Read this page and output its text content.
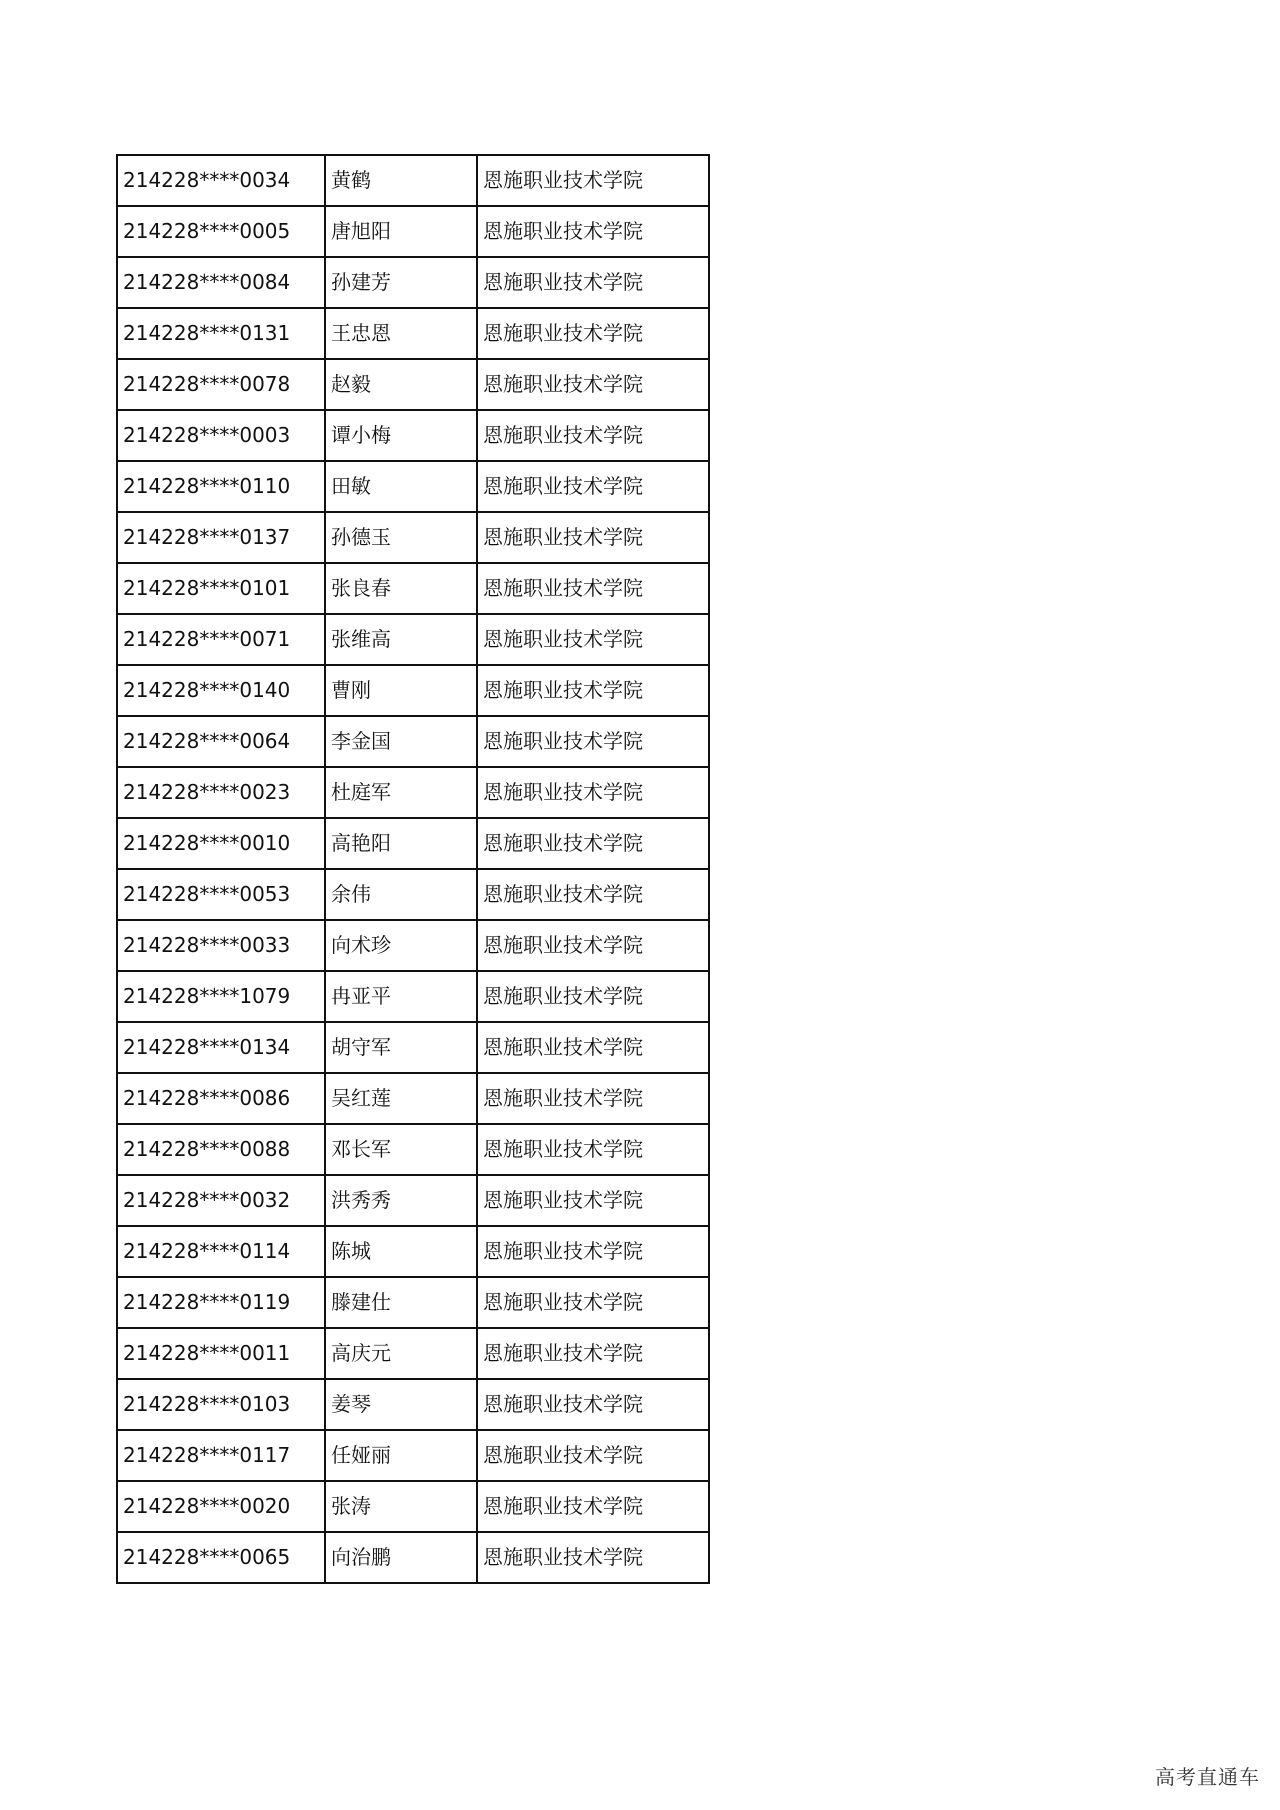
214228****0034	黄鹤	恩施职业技术学院
214228****0005	唐旭阳	恩施职业技术学院
214228****0084	孙建芳	恩施职业技术学院
214228****0131	王忠恩	恩施职业技术学院
214228****0078	赵毅	恩施职业技术学院
214228****0003	谭小梅	恩施职业技术学院
214228****0110	田敏	恩施职业技术学院
214228****0137	孙德玉	恩施职业技术学院
214228****0101	张良春	恩施职业技术学院
214228****0071	张维高	恩施职业技术学院
214228****0140	曹刚	恩施职业技术学院
214228****0064	李金国	恩施职业技术学院
214228****0023	杜庭军	恩施职业技术学院
214228****0010	高艳阳	恩施职业技术学院
214228****0053	余伟	恩施职业技术学院
214228****0033	向术珍	恩施职业技术学院
214228****1079	冉亚平	恩施职业技术学院
214228****0134	胡守军	恩施职业技术学院
214228****0086	吴红莲	恩施职业技术学院
214228****0088	邓长军	恩施职业技术学院
214228****0032	洪秀秀	恩施职业技术学院
214228****0114	陈城	恩施职业技术学院
214228****0119	滕建仕	恩施职业技术学院
214228****0011	高庆元	恩施职业技术学院
214228****0103	姜琴	恩施职业技术学院
214228****0117	任娅丽	恩施职业技术学院
214228****0020	张涛	恩施职业技术学院
214228****0065	向治鹏	恩施职业技术学院
高考直通车
